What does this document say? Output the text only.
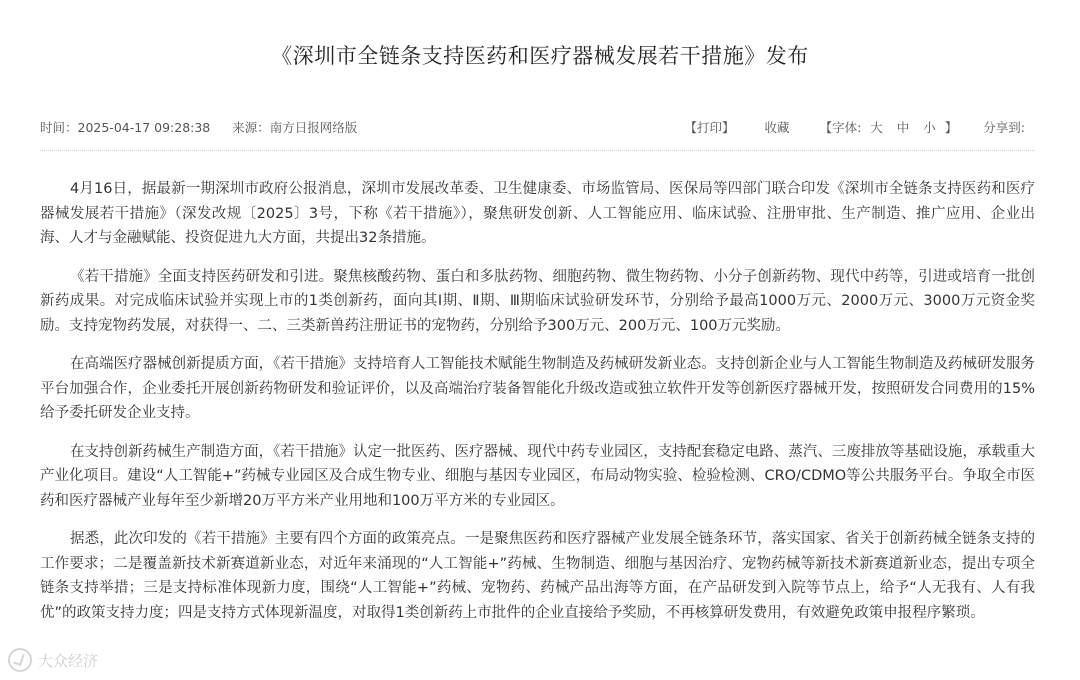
《深圳市全链条支持医药和医疗器械发展若干措施》发布
时间：2025-04-17 09:28:38 来源：南方日报网络版	【打印】 收藏 【字体: 大 中 小 】 分享到:

4月16日，据最新一期深圳市政府公报消息，深圳市发展改革委、卫生健康委、市场监管局、医保局等四部门联合印发《深圳市全链条支持医药和医疗器械发展若干措施》（深发改规〔2025〕3号，下称《若干措施》），聚焦研发创新、人工智能应用、临床试验、注册审批、生产制造、推广应用、企业出海、人才与金融赋能、投资促进九大方面，共提出32条措施。

《若干措施》全面支持医药研发和引进。聚焦核酸药物、蛋白和多肽药物、细胞药物、微生物药物、小分子创新药物、现代中药等，引进或培育一批创新药成果。对完成临床试验并实现上市的1类创新药，面向其Ⅰ期、Ⅱ期、Ⅲ期临床试验研发环节，分别给予最高1000万元、2000万元、3000万元资金奖励。支持宠物药发展，对获得一、二、三类新兽药注册证书的宠物药，分别给予300万元、200万元、100万元奖励。

在高端医疗器械创新提质方面，《若干措施》支持培育人工智能技术赋能生物制造及药械研发新业态。支持创新企业与人工智能生物制造及药械研发服务平台加强合作，企业委托开展创新药物研发和验证评价，以及高端治疗装备智能化升级改造或独立软件开发等创新医疗器械开发，按照研发合同费用的15%给予委托研发企业支持。

在支持创新药械生产制造方面，《若干措施》认定一批医药、医疗器械、现代中药专业园区，支持配套稳定电路、蒸汽、三废排放等基础设施，承载重大产业化项目。建设“人工智能+”药械专业园区及合成生物专业、细胞与基因专业园区，布局动物实验、检验检测、CRO/CDMO等公共服务平台。争取全市医药和医疗器械产业每年至少新增20万平方米产业用地和100万平方米的专业园区。

据悉，此次印发的《若干措施》主要有四个方面的政策亮点。一是聚焦医药和医疗器械产业发展全链条环节，落实国家、省关于创新药械全链条支持的工作要求；二是覆盖新技术新赛道新业态，对近年来涌现的“人工智能+”药械、生物制造、细胞与基因治疗、宠物药械等新技术新赛道新业态，提出专项全链条支持举措；三是支持标准体现新力度，围绕“人工智能+”药械、宠物药、药械产品出海等方面，在产品研发到入院等节点上，给予“人无我有、人有我优”的政策支持力度；四是支持方式体现新温度，对取得1类创新药上市批件的企业直接给予奖励，不再核算研发费用，有效避免政策申报程序繁琐。

大众经济
